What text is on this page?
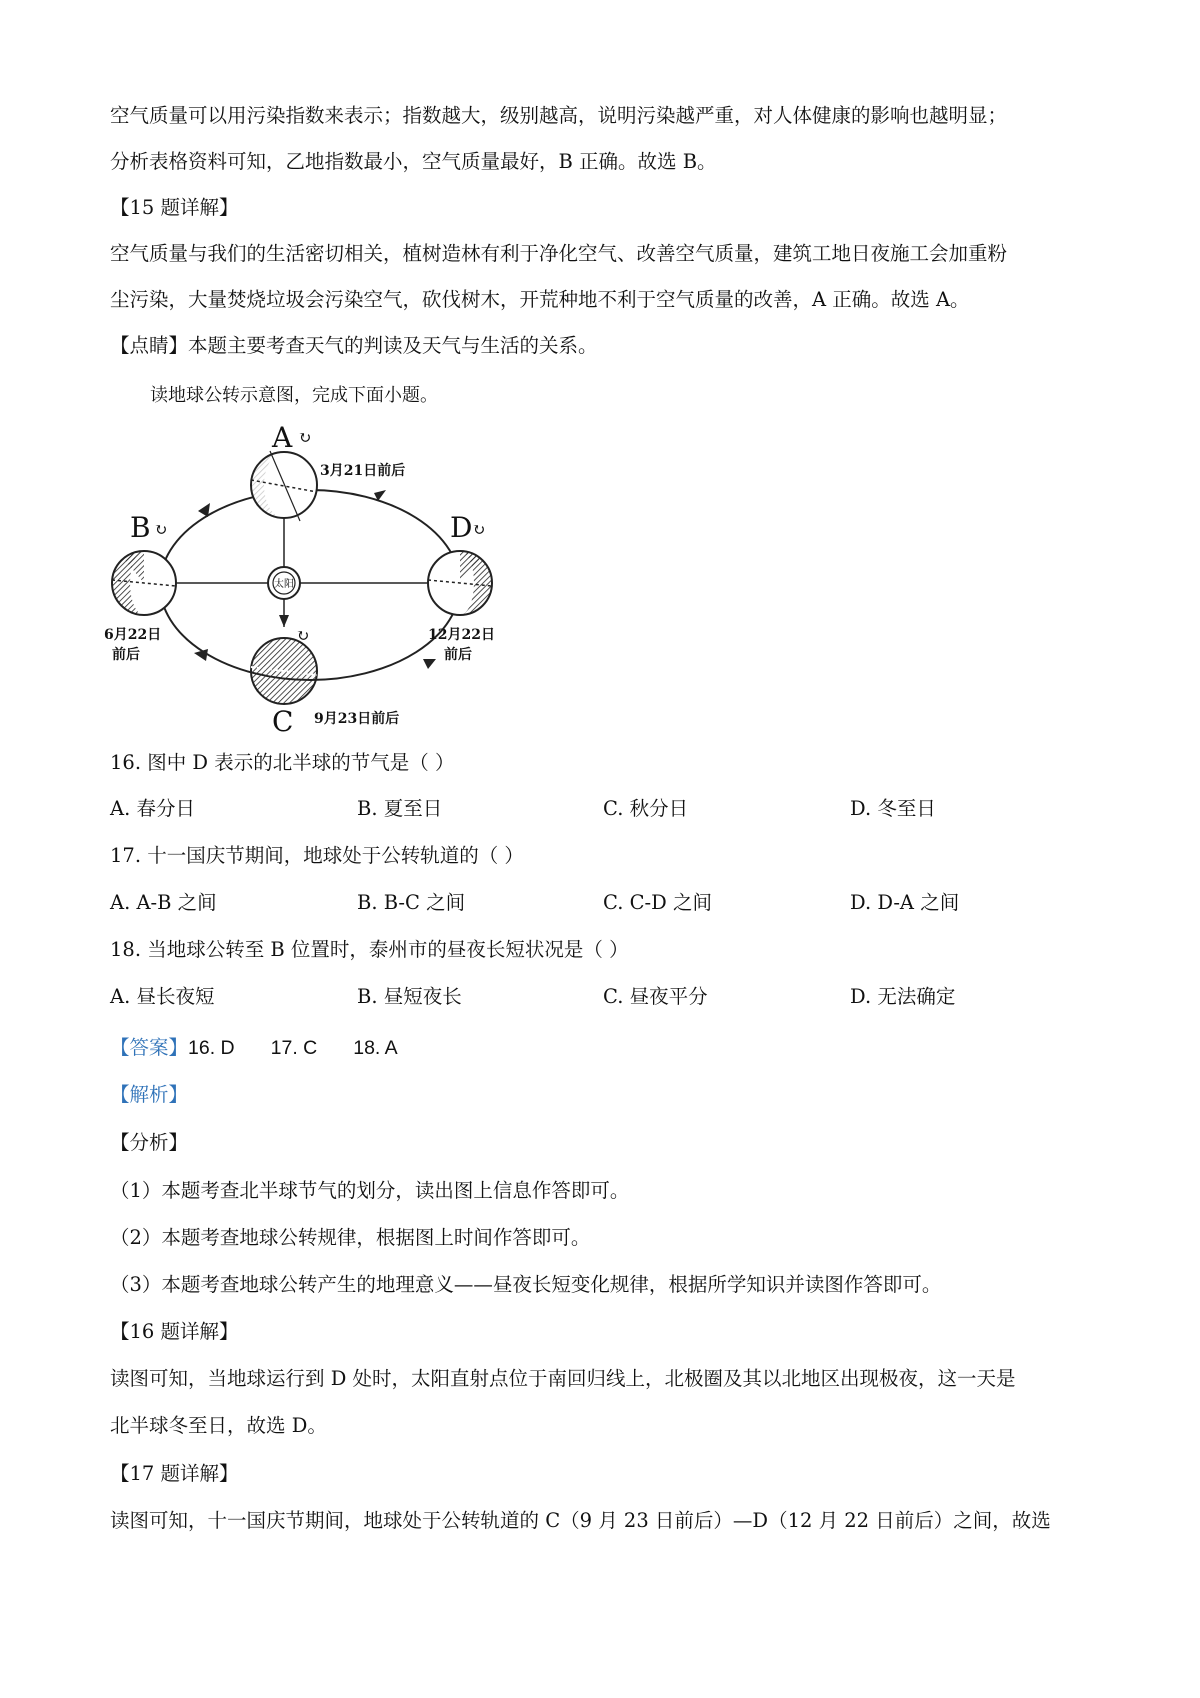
空气质量可以用污染指数来表示；指数越大，级别越高，说明污染越严重，对人体健康的影响也越明显；
分析表格资料可知，乙地指数最小，空气质量最好，B 正确。故选 B。
【15 题详解】
空气质量与我们的生活密切相关，植树造林有利于净化空气、改善空气质量，建筑工地日夜施工会加重粉
尘污染，大量焚烧垃圾会污染空气，砍伐树木，开荒种地不利于空气质量的改善，A 正确。故选 A。
【点睛】本题主要考查天气的判读及天气与生活的关系。
读地球公转示意图，完成下面小题。
太阳
A ↻
3月21日前后
B ↻
6月22日
前后
D ↻
12月22日
前后
↻
C 9月23日前后
16. 图中 D 表示的北半球的节气是（ ）
A. 春分日	B. 夏至日	C. 秋分日	D. 冬至日
17. 十一国庆节期间，地球处于公转轨道的（ ）
A. A-B 之间	B. B-C 之间	C. C-D 之间	D. D-A 之间
18. 当地球公转至 B 位置时，泰州市的昼夜长短状况是（ ）
A. 昼长夜短	B. 昼短夜长	C. 昼夜平分	D. 无法确定
【答案】16. D 17. C 18. A
【解析】
【分析】
（1）本题考查北半球节气的划分，读出图上信息作答即可。
（2）本题考查地球公转规律，根据图上时间作答即可。
（3）本题考查地球公转产生的地理意义——昼夜长短变化规律，根据所学知识并读图作答即可。
【16 题详解】
读图可知，当地球运行到 D 处时，太阳直射点位于南回归线上，北极圈及其以北地区出现极夜，这一天是
北半球冬至日，故选 D。
【17 题详解】
读图可知，十一国庆节期间，地球处于公转轨道的 C（9 月 23 日前后）—D（12 月 22 日前后）之间，故选
